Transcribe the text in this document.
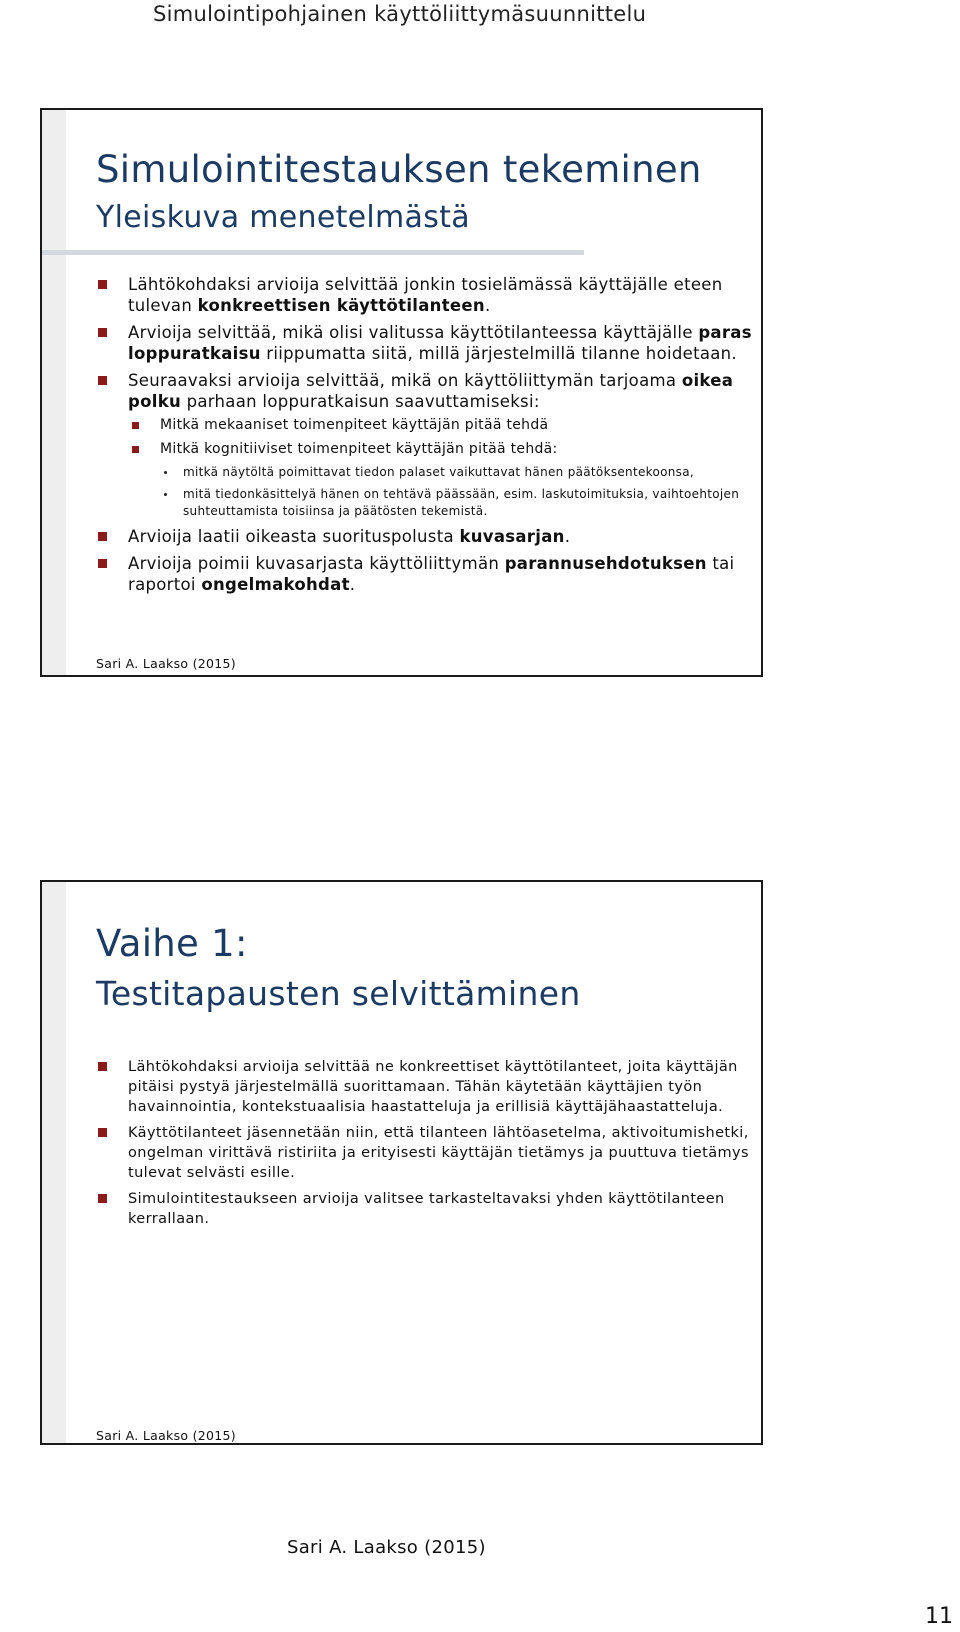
Simulointipohjainen käyttöliittymäsuunnittelu
Simulointitestauksen tekeminen
Yleiskuva menetelmästä
Lähtökohdaksi arvioija selvittää jonkin tosielämässä käyttäjälle eteen tulevan konkreettisen käyttötilanteen.
Arvioija selvittää, mikä olisi valitussa käyttötilanteessa käyttäjälle paras loppuratkaisu riippumatta siitä, millä järjestelmillä tilanne hoidetaan.
Seuraavaksi arvioija selvittää, mikä on käyttöliittymän tarjoama oikea polku parhaan loppuratkaisun saavuttamiseksi:
Mitkä mekaaniset toimenpiteet käyttäjän pitää tehdä
Mitkä kognitiiviset toimenpiteet käyttäjän pitää tehdä:
mitkä näytöltä poimittavat tiedon palaset vaikuttavat hänen päätöksentekoonsa,
mitä tiedonkäsittelyä hänen on tehtävä päässään, esim. laskutoimituksia, vaihtoehtojen suhteuttamista toisiinsa ja päätösten tekemistä.
Arvioija laatii oikeasta suorituspolusta kuvasarjan.
Arvioija poimii kuvasarjasta käyttöliittymän parannusehdotuksen tai raportoi ongelmakohdat.
Sari A. Laakso (2015)
Vaihe 1:
Testitapausten selvittäminen
Lähtökohdaksi arvioija selvittää ne konkreettiset käyttötilanteet, joita käyttäjän pitäisi pystyä järjestelmällä suorittamaan. Tähän käytetään käyttäjien työn havainnointia, kontekstuaalisia haastatteluja ja erillisiä käyttäjähaastatteluja.
Käyttötilanteet jäsennetään niin, että tilanteen lähtöasetelma, aktivoitumishetki, ongelman virittävä ristiriita ja erityisesti käyttäjän tietämys ja puuttuva tietämys tulevat selvästi esille.
Simulointitestaukseen arvioija valitsee tarkasteltavaksi yhden käyttötilanteen kerrallaan.
Sari A. Laakso (2015)
Sari A. Laakso (2015)
11
